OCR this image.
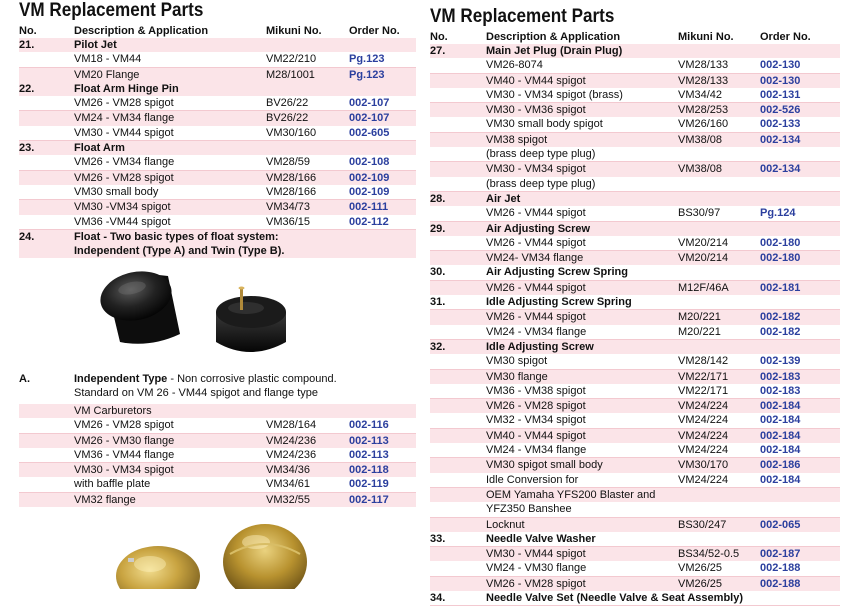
VM Replacement Parts
No.	Description & Application	Mikuni No. Order No.
21.	Pilot Jet
VM18 - VM44	VM22/210	Pg.123
VM20 Flange	M28/1001	Pg.123
22.	Float Arm Hinge Pin
VM26 - VM28 spigot	BV26/22	002-107
VM24 - VM34 flange	BV26/22	002-107
VM30 - VM44 spigot	VM30/160	002-605
23.	Float Arm
VM26 - VM34 flange	VM28/59	002-108
VM26 - VM28 spigot	VM28/166	002-109
VM30 small body	VM28/166	002-109
VM30 -VM34 spigot	VM34/73	002-111
VM36 -VM44 spigot	VM36/15	002-112
24.	Float - Two basic types of float system:
Independent (Type A) and Twin (Type B).
A.	Independent Type - Non corrosive plastic compound.
Standard on VM 26 - VM44 spigot and flange type
VM Carburetors
VM26 - VM28 spigot	VM28/164	002-116
VM26 - VM30 flange	VM24/236	002-113
VM36 - VM44 flange	VM24/236	002-113
VM30 - VM34 spigot	VM34/36	002-118
with baffle plate	VM34/61	002-119
VM32 flange	VM32/55	002-117
VM Replacement Parts
No.	Description & Application	Mikuni No. Order No.
27.	Main Jet Plug (Drain Plug)
VM26-8074	VM28/133	002-130
VM40 - VM44 spigot	VM28/133	002-130
VM30 - VM34 spigot (brass)	VM34/42	002-131
VM30 - VM36 spigot	VM28/253	002-526
VM30 small body spigot	VM26/160	002-133
VM38 spigot	VM38/08	002-134
(brass deep type plug)
VM30 - VM34 spigot	VM38/08	002-134
(brass deep type plug)
28.	Air Jet
VM26 - VM44 spigot	BS30/97	Pg.124
29.	Air Adjusting Screw
VM26 - VM44 spigot	VM20/214	002-180
VM24- VM34 flange	VM20/214	002-180
30.	Air Adjusting Screw Spring
VM26 - VM44 spigot	M12F/46A	002-181
31.	Idle Adjusting Screw Spring
VM26 - VM44 spigot	M20/221	002-182
VM24 - VM34 flange	M20/221	002-182
32.	Idle Adjusting Screw
VM30 spigot	VM28/142	002-139
VM30 flange	VM22/171	002-183
VM36 - VM38 spigot	VM22/171	002-183
VM26 - VM28 spigot	VM24/224	002-184
VM32 - VM34 spigot	VM24/224	002-184
VM40 - VM44 spigot	VM24/224	002-184
VM24 - VM34 flange	VM24/224	002-184
VM30 spigot small body	VM30/170	002-186
Idle Conversion for	VM24/224	002-184
OEM Yamaha YFS200 Blaster and
YFZ350 Banshee
Locknut	BS30/247	002-065
33.	Needle Valve Washer
VM30 - VM44 spigot	BS34/52-0.5 002-187
VM24 - VM30 flange	VM26/25	002-188
VM26 - VM28 spigot	VM26/25	002-188
34.	Needle Valve Set (Needle Valve & Seat Assembly)
